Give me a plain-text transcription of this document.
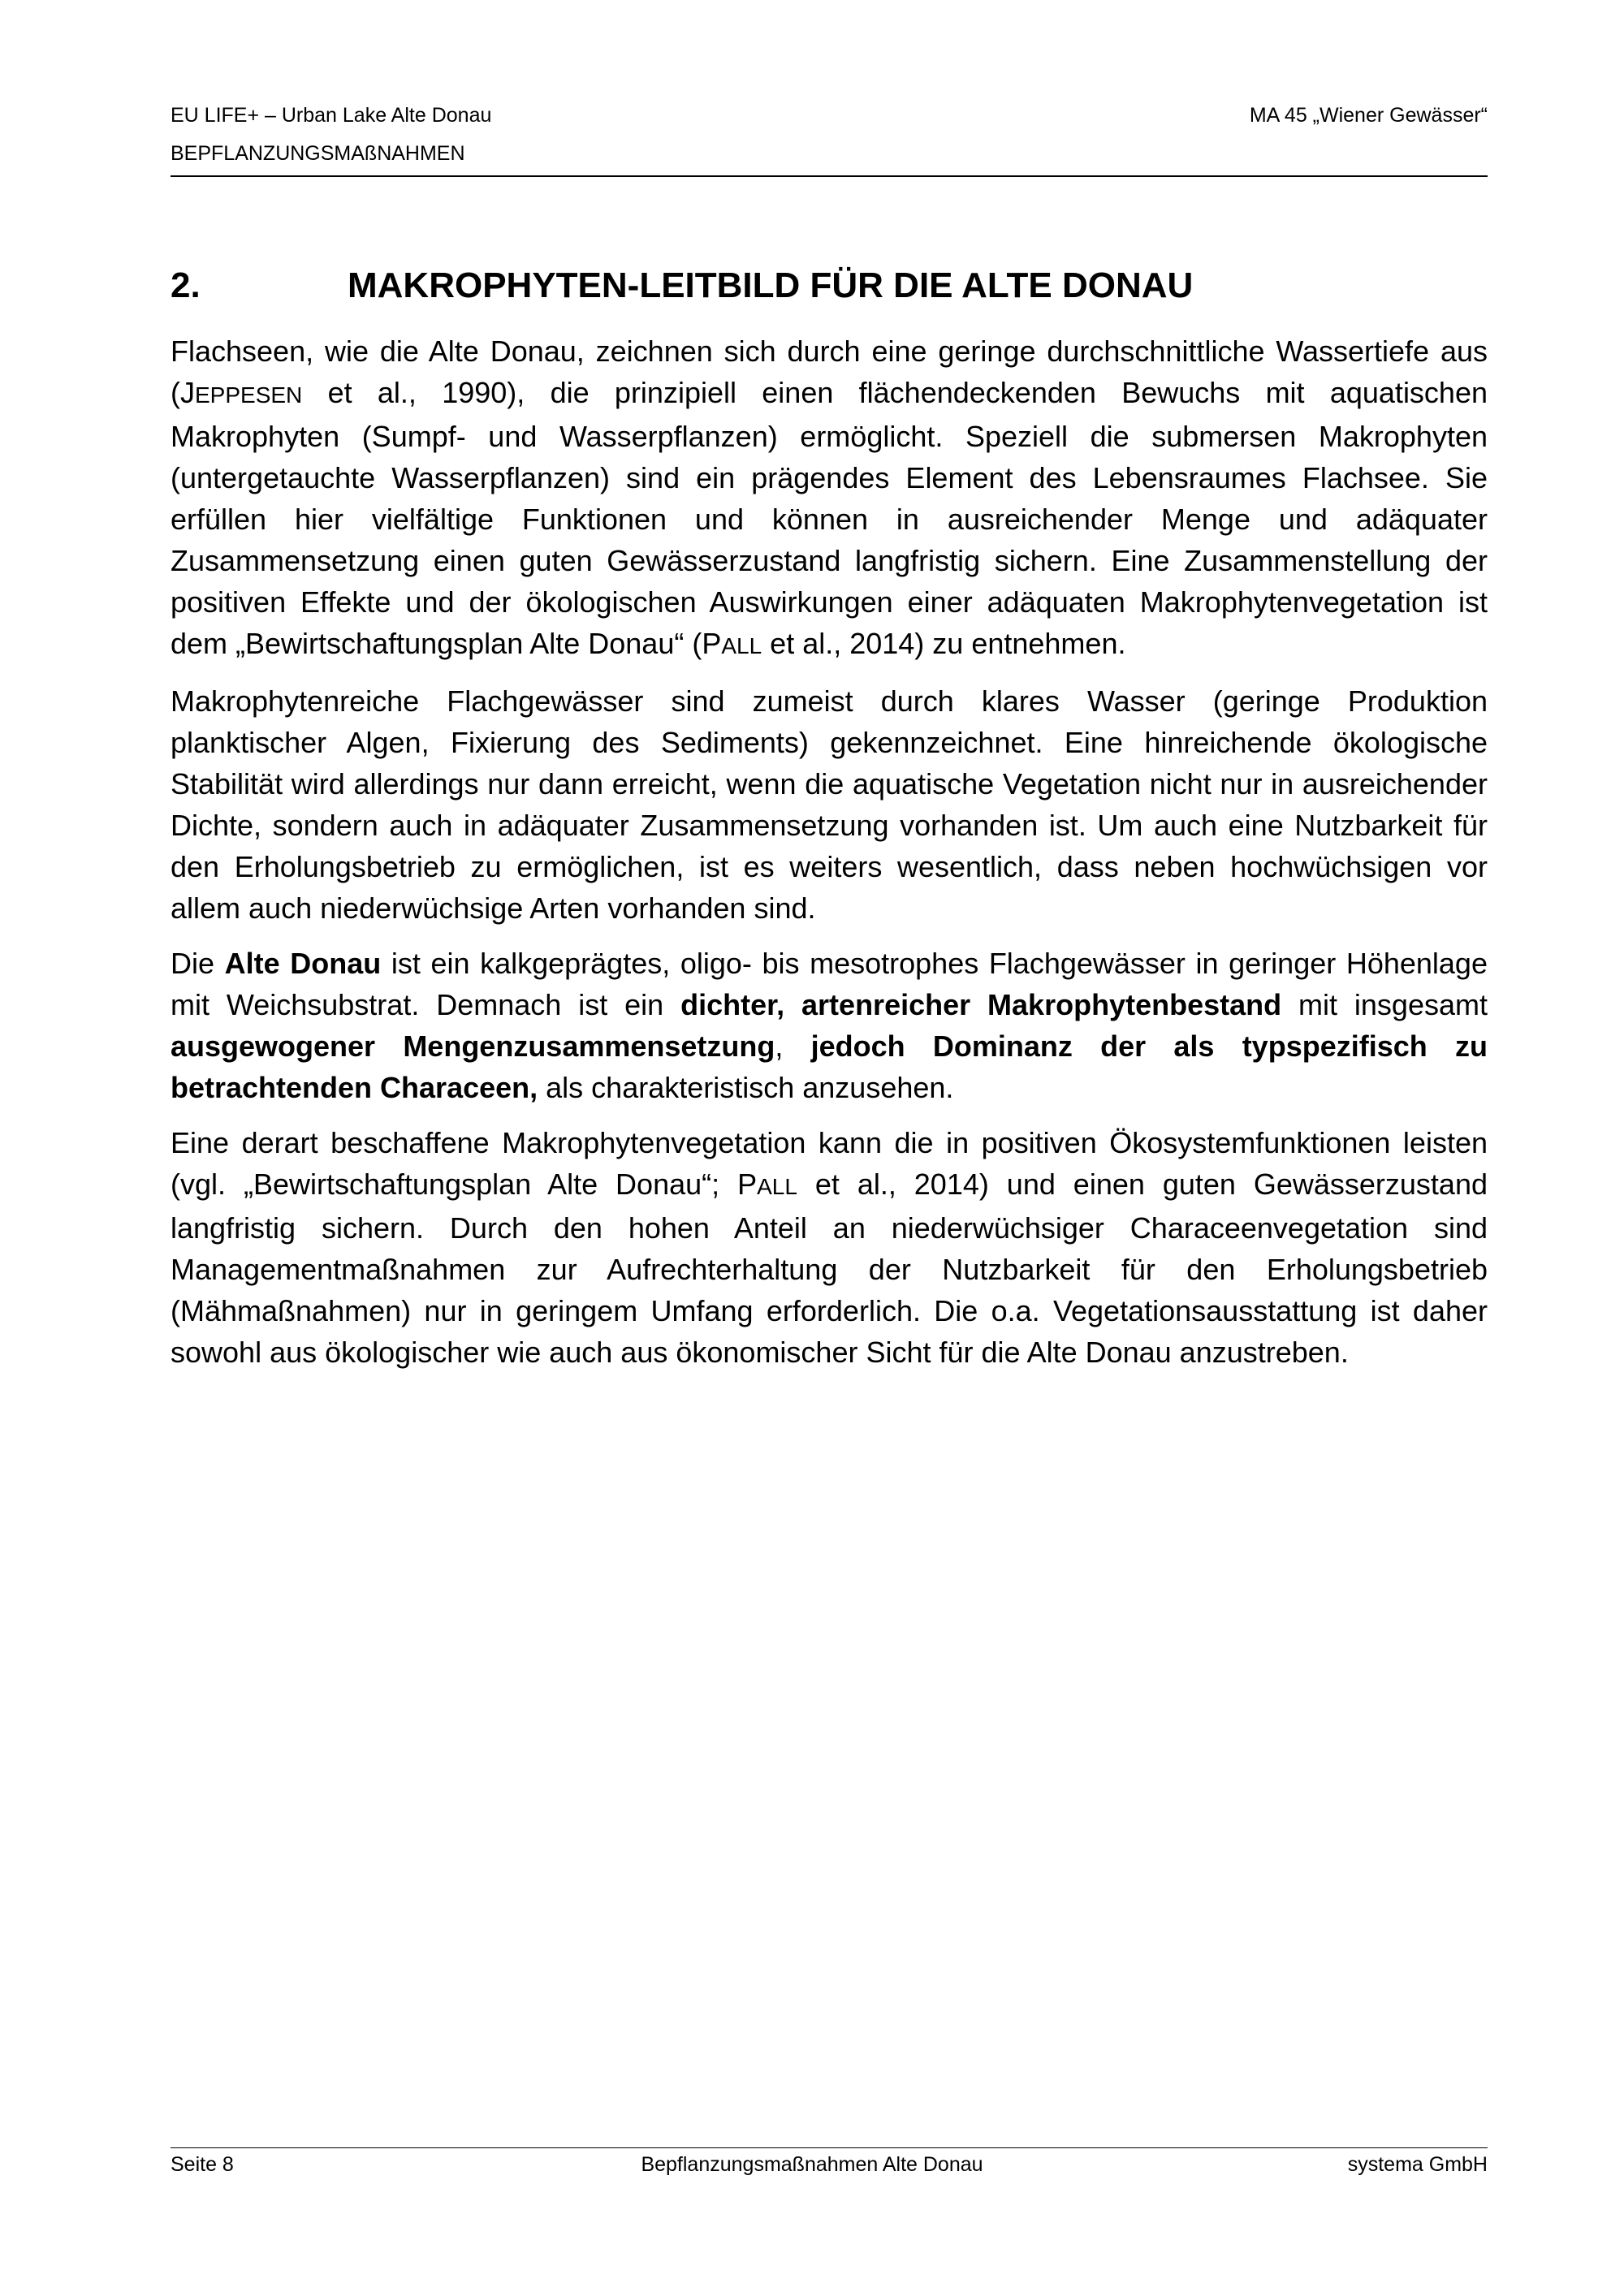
EU LIFE+ – Urban Lake Alte Donau
BEPFLANZUNGSMAßNAHMEN
MA 45 „Wiener Gewässer“
2.	MAKROPHYTEN-LEITBILD FÜR DIE ALTE DONAU

Flachseen, wie die Alte Donau, zeichnen sich durch eine geringe durchschnittliche Wassertiefe aus (JEPPESEN et al., 1990), die prinzipiell einen flächendeckenden Bewuchs mit aquatischen Makrophyten (Sumpf- und Wasserpflanzen) ermöglicht. Speziell die submersen Makrophyten (untergetauchte Wasserpflanzen) sind ein prägendes Element des Lebensraumes Flachsee. Sie erfüllen hier vielfältige Funktionen und können in ausreichender Menge und adäquater Zusammensetzung einen guten Gewässerzustand langfristig sichern. Eine Zusammenstellung der positiven Effekte und der ökologischen Auswirkungen einer adäquaten Makrophytenvegetation ist dem „Bewirtschaftungsplan Alte Donau“ (PALL et al., 2014) zu entnehmen.

Makrophytenreiche Flachgewässer sind zumeist durch klares Wasser (geringe Produktion planktischer Algen, Fixierung des Sediments) gekennzeichnet. Eine hinreichende ökologische Stabilität wird allerdings nur dann erreicht, wenn die aquatische Vegetation nicht nur in ausreichender Dichte, sondern auch in adäquater Zusammensetzung vorhanden ist. Um auch eine Nutzbarkeit für den Erholungsbetrieb zu ermöglichen, ist es weiters wesentlich, dass neben hochwüchsigen vor allem auch niederwüchsige Arten vorhanden sind.

Die Alte Donau ist ein kalkgeprägtes, oligo- bis mesotrophes Flachgewässer in geringer Höhenlage mit Weichsubstrat. Demnach ist ein dichter, artenreicher Makrophytenbestand mit insgesamt ausgewogener Mengenzusammensetzung, jedoch Dominanz der als typspezifisch zu betrachtenden Characeen, als charakteristisch anzusehen.

Eine derart beschaffene Makrophytenvegetation kann die in positiven Ökosystemfunktionen leisten (vgl. „Bewirtschaftungsplan Alte Donau“; PALL et al., 2014) und einen guten Gewässerzustand langfristig sichern. Durch den hohen Anteil an niederwüchsiger Characeenvegetation sind Managementmaßnahmen zur Aufrechterhaltung der Nutzbarkeit für den Erholungsbetrieb (Mähmaßnahmen) nur in geringem Umfang erforderlich. Die o.a. Vegetationsausstattung ist daher sowohl aus ökologischer wie auch aus ökonomischer Sicht für die Alte Donau anzustreben.

Seite 8	Bepflanzungsmaßnahmen Alte Donau	systema GmbH
